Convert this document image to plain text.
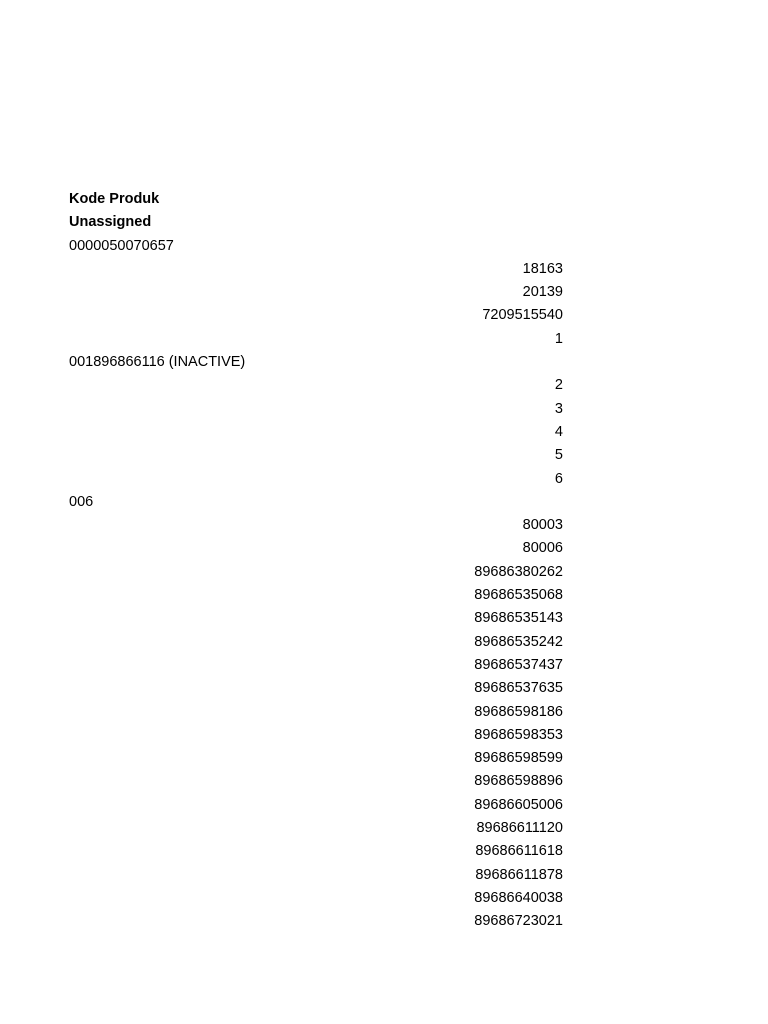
Kode Produk
Unassigned
0000050070657
18163
20139
7209515540
1
001896866116 (INACTIVE)
2
3
4
5
6
006
80003
80006
89686380262
89686535068
89686535143
89686535242
89686537437
89686537635
89686598186
89686598353
89686598599
89686598896
89686605006
89686611120
89686611618
89686611878
89686640038
89686723021
